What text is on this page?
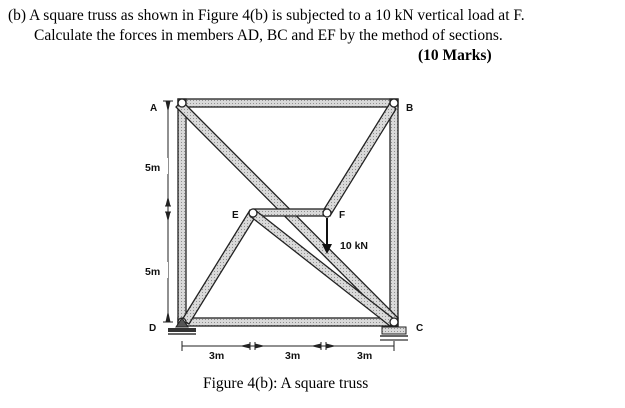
(b) A square truss as shown in Figure 4(b) is subjected to a 10 kN vertical load at F.
Calculate the forces in members AD, BC and EF by the method of sections.
(10 Marks)
10 kN
A	B
C
D
E	F
5m
5m
3m	3m	3m
Figure 4(b): A square truss
